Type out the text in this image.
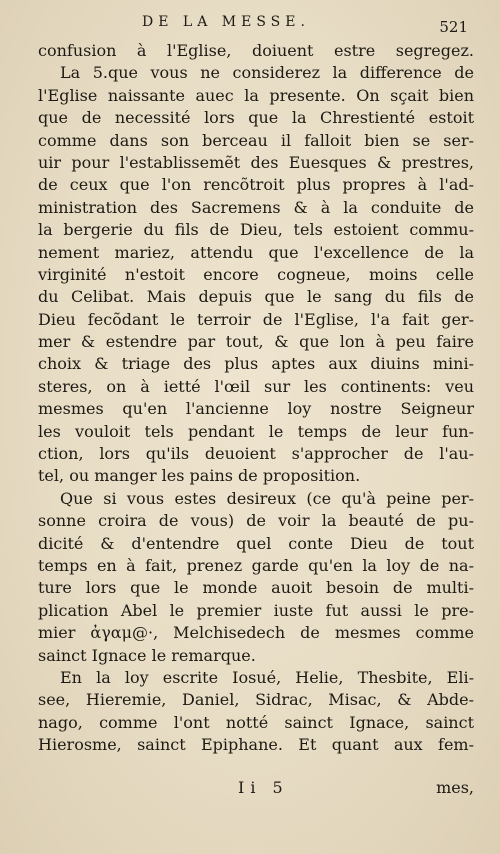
DE LA MESSE.	521
confusion à l'Eglise, doiuent estre segregez.
La 5.que vous ne considerez la difference de
l'Eglise naissante auec la presente. On sçait bien
que de necessité lors que la Chrestienté estoit
comme dans son berceau il falloit bien se ser-
uir pour l'establissemẽt des Euesques & prestres,
de ceux que l'on rencõtroit plus propres à l'ad-
ministration des Sacremens & à la conduite de
la bergerie du fils de Dieu, tels estoient commu-
nement mariez, attendu que l'excellence de la
virginité n'estoit encore cogneue, moins celle
du Celibat. Mais depuis que le sang du fils de
Dieu fecõdant le terroir de l'Eglise, l'a fait ger-
mer & estendre par tout, & que lon à peu faire
choix & triage des plus aptes aux diuins mini-
steres, on à ietté l'œil sur les continents: veu
mesmes qu'en l'ancienne loy nostre Seigneur
les vouloit tels pendant le temps de leur fun-
ction, lors qu'ils deuoient s'approcher de l'au-
tel, ou manger les pains de proposition.
Que si vous estes desireux (ce qu'à peine per-
sonne croira de vous) de voir la beauté de pu-
dicité & d'entendre quel conte Dieu de tout
temps en à fait, prenez garde qu'en la loy de na-
ture lors que le monde auoit besoin de multi-
plication Abel le premier iuste fut aussi le pre-
mier ἀγαμ@·, Melchisedech de mesmes comme
sainct Ignace le remarque.
En la loy escrite Iosué, Helie, Thesbite, Eli-
see, Hieremie, Daniel, Sidrac, Misac, & Abde-
nago, comme l'ont notté sainct Ignace, sainct
Hierosme, sainct Epiphane. Et quant aux fem-
Ii 5	mes,
